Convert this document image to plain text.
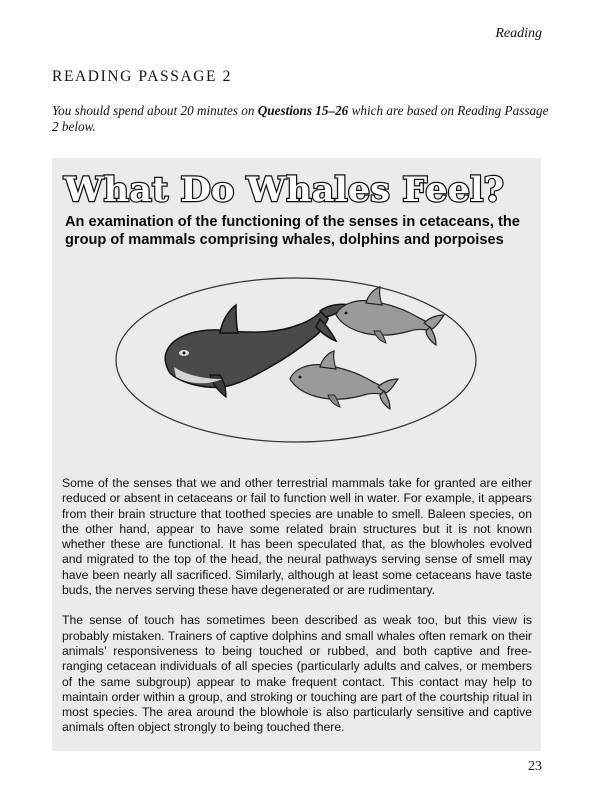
Reading
READING PASSAGE 2

You should spend about 20 minutes on Questions 15–26 which are based on Reading Passage 2 below.

What Do Whales Feel?

An examination of the functioning of the senses in cetaceans, the group of mammals comprising whales, dolphins and porpoises

Some of the senses that we and other terrestrial mammals take for granted are either reduced or absent in cetaceans or fail to function well in water. For example, it appears from their brain structure that toothed species are unable to smell. Baleen species, on the other hand, appear to have some related brain structures but it is not known whether these are functional. It has been speculated that, as the blowholes evolved and migrated to the top of the head, the neural pathways serving sense of smell may have been nearly all sacrificed. Similarly, although at least some cetaceans have taste buds, the nerves serving these have degenerated or are rudimentary.

The sense of touch has sometimes been described as weak too, but this view is probably mistaken. Trainers of captive dolphins and small whales often remark on their animals’ responsiveness to being touched or rubbed, and both captive and free-ranging cetacean individuals of all species (particularly adults and calves, or members of the same subgroup) appear to make frequent contact. This contact may help to maintain order within a group, and stroking or touching are part of the courtship ritual in most species. The area around the blowhole is also particularly sensitive and captive animals often object strongly to being touched there.

23
